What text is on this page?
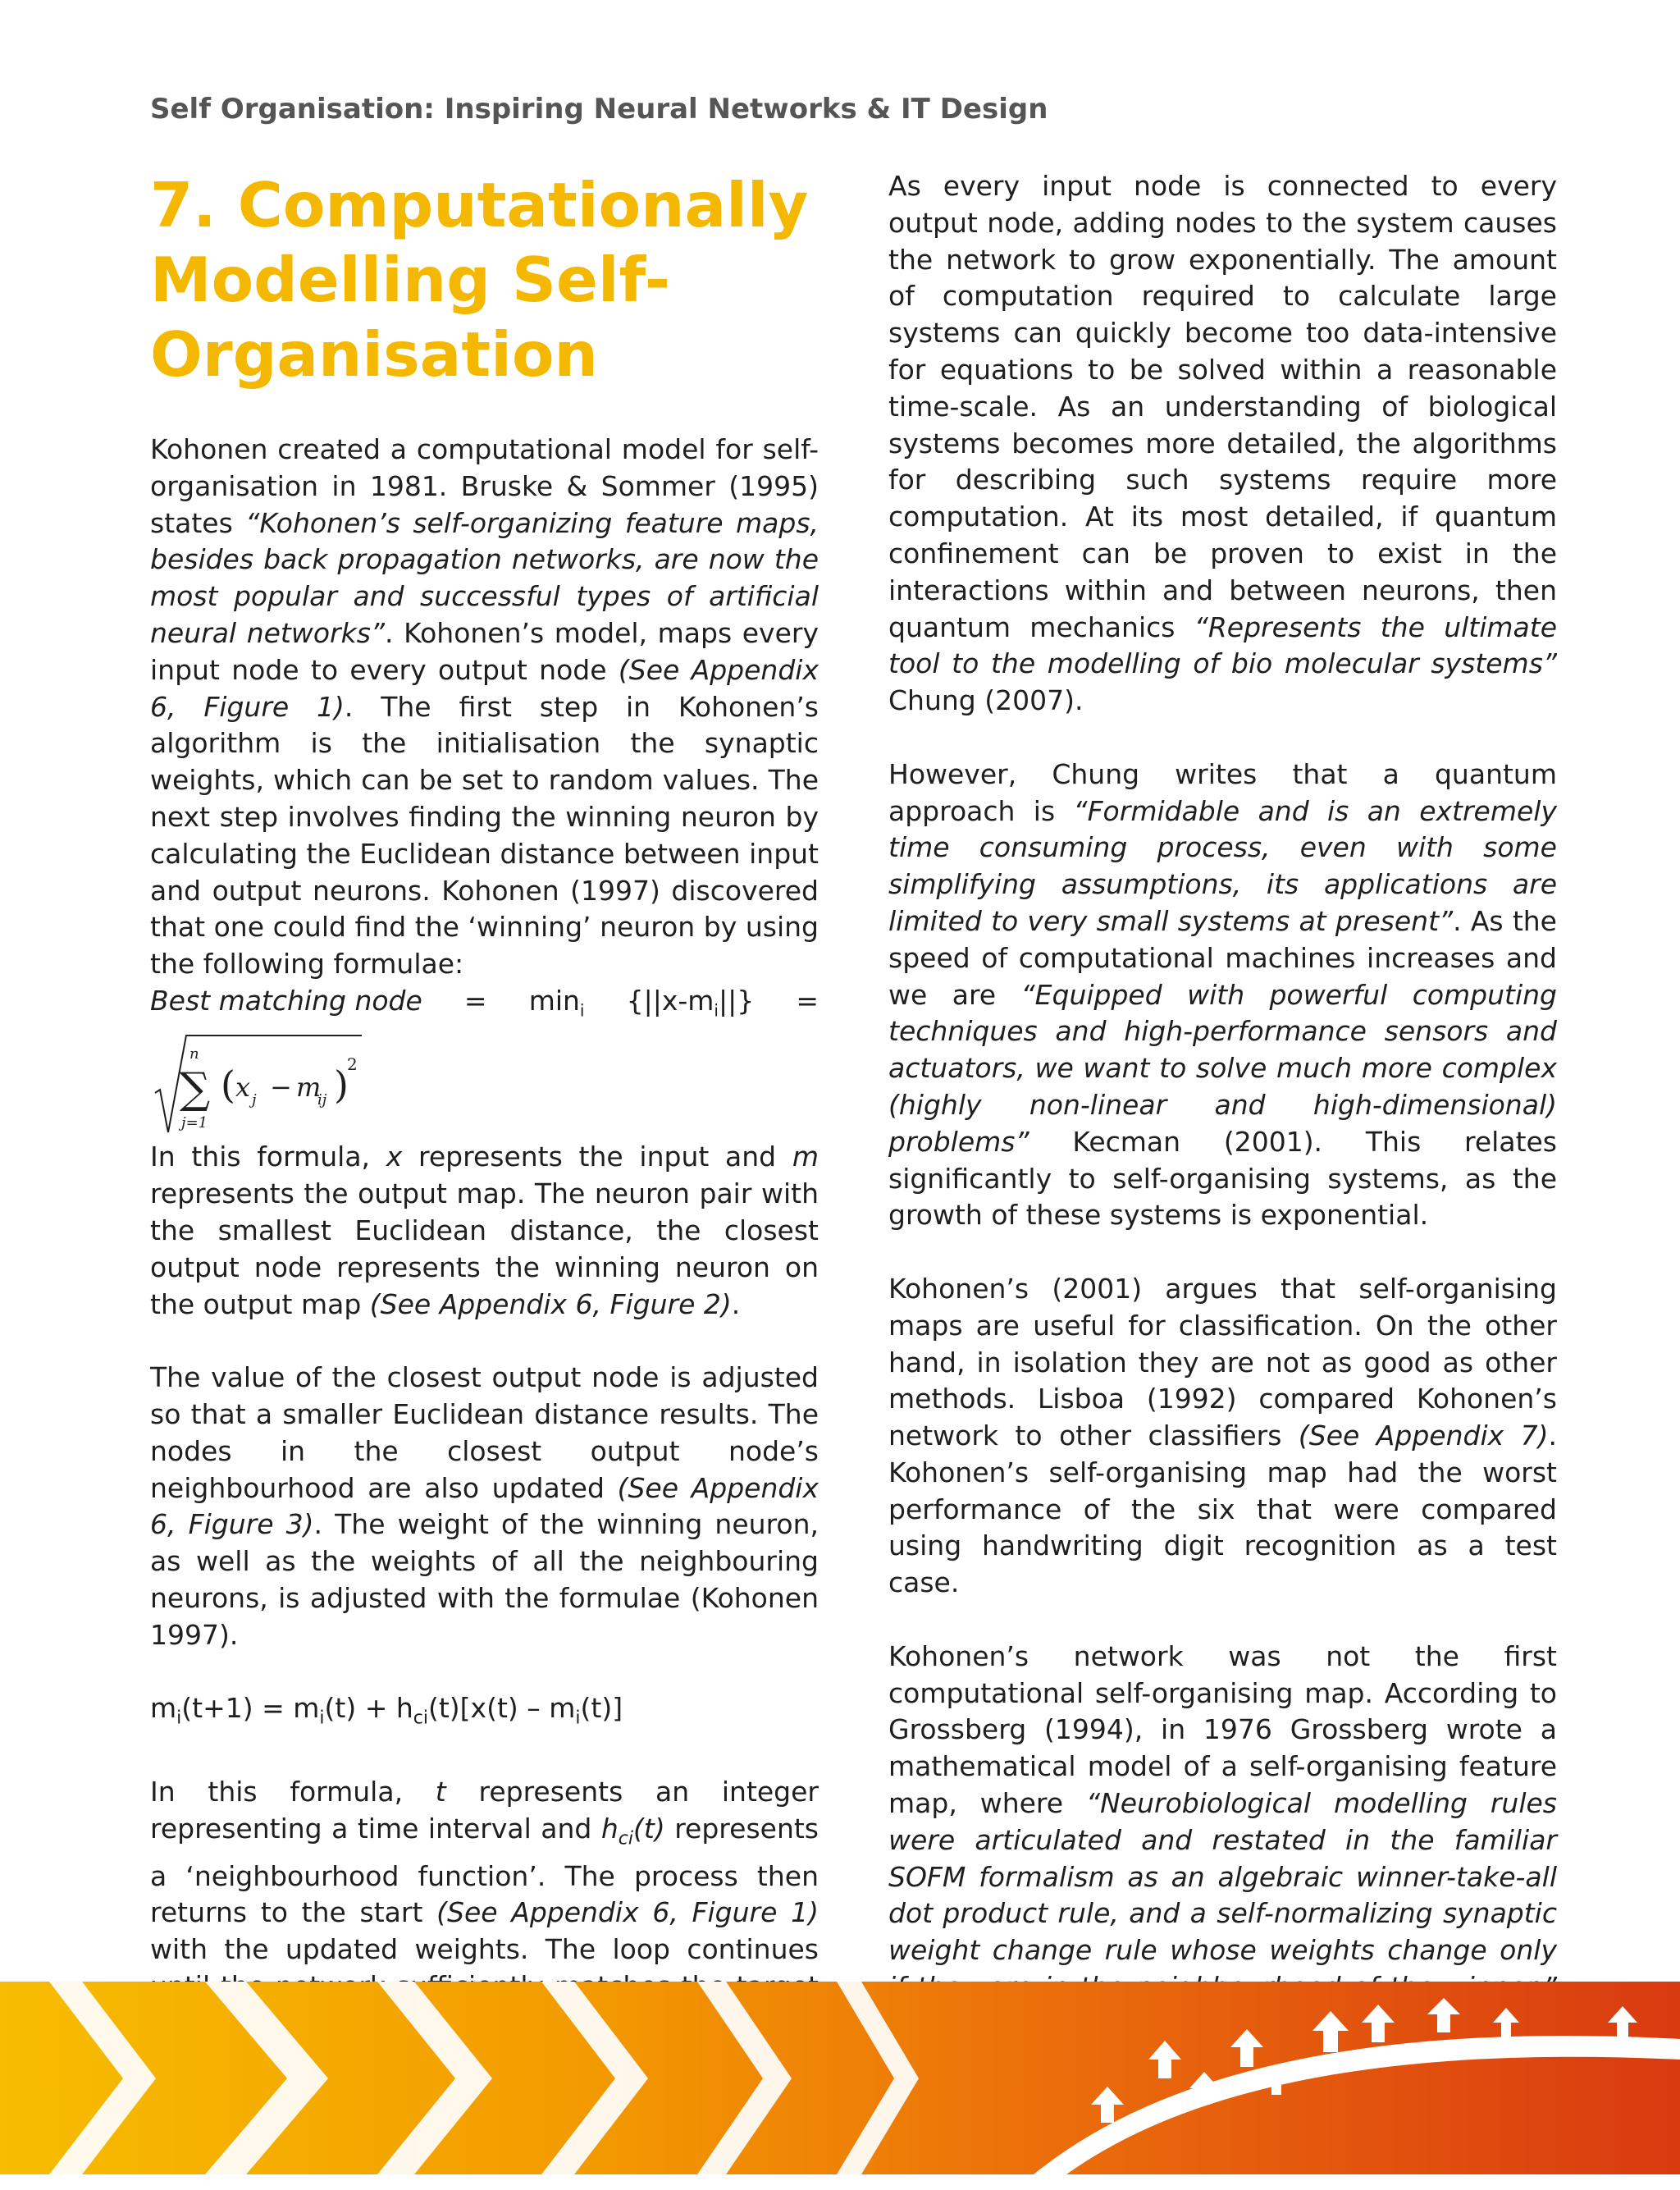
Self Organisation: Inspiring Neural Networks & IT Design
7. Computationally Modelling Self-Organisation

Kohonen created a computational model for self-organisation in 1981. Bruske & Sommer (1995) states “Kohonen’s self-organizing feature maps, besides back propagation networks, are now the most popular and successful types of artificial neural networks”. Kohonen’s model, maps every input node to every output node (See Appendix 6, Figure 1). The first step in Kohonen’s algorithm is the initialisation the synaptic weights, which can be set to random values. The next step involves finding the winning neuron by calculating the Euclidean distance between input and output neurons. Kohonen (1997) discovered that one could find the ‘winning’ neuron by using the following formulae:

Best matching node = $\min_i \{||x-m_i||\}$ =
n
∑
j=1
( x j − m
ij )
2

In this formula, x represents the input and m represents the output map. The neuron pair with the smallest Euclidean distance, the closest output node represents the winning neuron on the output map (See Appendix 6, Figure 2).

The value of the closest output node is adjusted so that a smaller Euclidean distance results. The nodes in the closest output node’s neighbourhood are also updated (See Appendix 6, Figure 3). The weight of the winning neuron, as well as the weights of all the neighbouring neurons, is adjusted with the formulae (Kohonen 1997).

$m_i(t+1) = m_i(t) + h_{ci}(t)[x(t) - m_i(t)]$

In this formula, t represents an integer representing a time interval and $h_{ci}(t)$ represents a ‘neighbourhood function’. The process then returns to the start (See Appendix 6, Figure 1) with the updated weights. The loop continues

As every input node is connected to every output node, adding nodes to the system causes the network to grow exponentially. The amount of computation required to calculate large systems can quickly become too data-intensive for equations to be solved within a reasonable time-scale. As an understanding of biological systems becomes more detailed, the algorithms for describing such systems require more computation. At its most detailed, if quantum confinement can be proven to exist in the interactions within and between neurons, then quantum mechanics “Represents the ultimate tool to the modelling of bio molecular systems” Chung (2007).

However, Chung writes that a quantum approach is “Formidable and is an extremely time consuming process, even with some simplifying assumptions, its applications are limited to very small systems at present”. As the speed of computational machines increases and we are “Equipped with powerful computing techniques and high-performance sensors and actuators, we want to solve much more complex (highly non-linear and high-dimensional) problems” Kecman (2001). This relates significantly to self-organising systems, as the growth of these systems is exponential.

Kohonen’s (2001) argues that self-organising maps are useful for classification. On the other hand, in isolation they are not as good as other methods. Lisboa (1992) compared Kohonen’s network to other classifiers (See Appendix 7). Kohonen’s self-organising map had the worst performance of the six that were compared using handwriting digit recognition as a test case.

Kohonen’s network was not the first computational self-organising map. According to Grossberg (1994), in 1976 Grossberg wrote a mathematical model of a self-organising feature map, where “Neurobiological modelling rules were articulated and restated in the familiar SOFM formalism as an algebraic winner-take-all dot product rule, and a self-normalizing synaptic weight change rule whose weights change only
